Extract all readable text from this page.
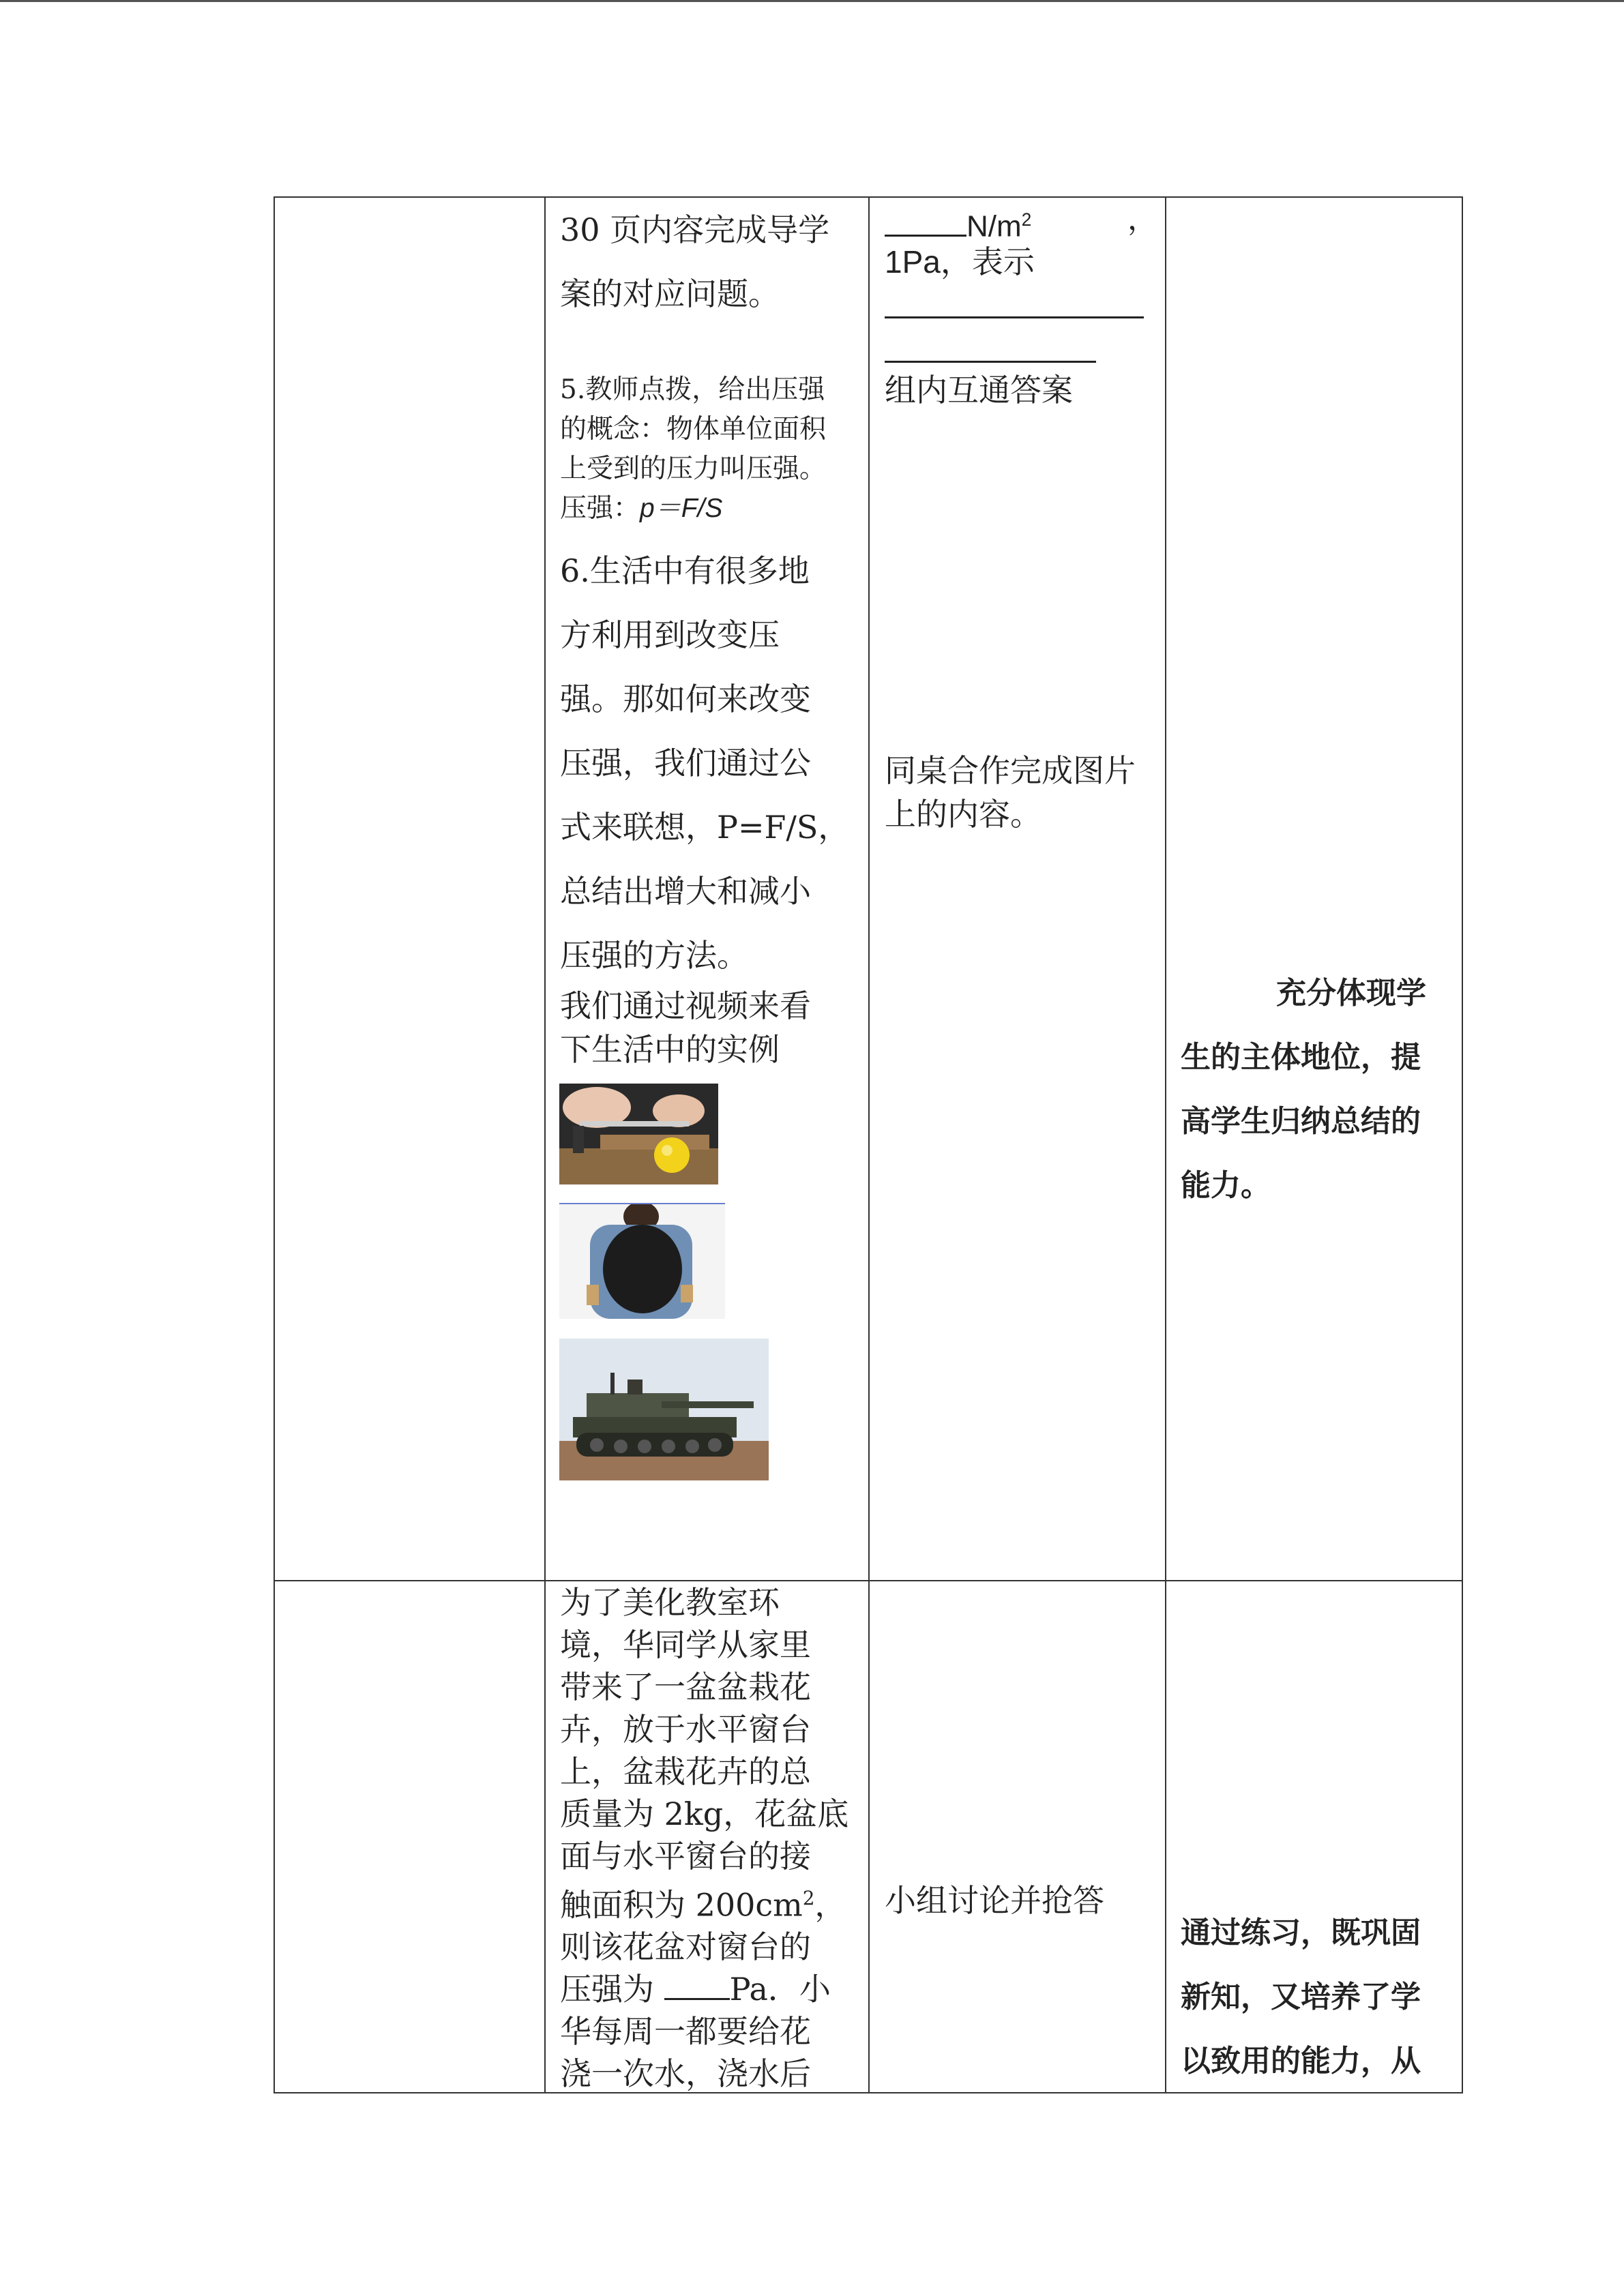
30 页内容完成导学

案的对应问题。

5.教师点拨，给出压强

的概念：物体单位面积

上受到的压力叫压强。

压强：p＝F/S

6.生活中有很多地

方利用到改变压

强。那如何来改变

压强，我们通过公

式来联想，P=F/S，

总结出增大和减小

压强的方法。

我们通过视频来看

下生活中的实例

$N/m^2$	，
1Pa，表示
组内互通答案

同桌合作完成图片

上的内容。

充分体现学

生的主体地位，提

高学生归纳总结的

能力。

为了美化教室环

境，华同学从家里

带来了一盆盆栽花

卉，放于水平窗台

上，盆栽花卉的总

质量为 2kg，花盆底

面与水平窗台的接

触面积为 $200cm^2$，

则该花盆对窗台的

压强为 Pa．小

华每周一都要给花

浇一次水，浇水后

小组讨论并抢答

通过练习，既巩固

新知，又培养了学

以致用的能力，从
